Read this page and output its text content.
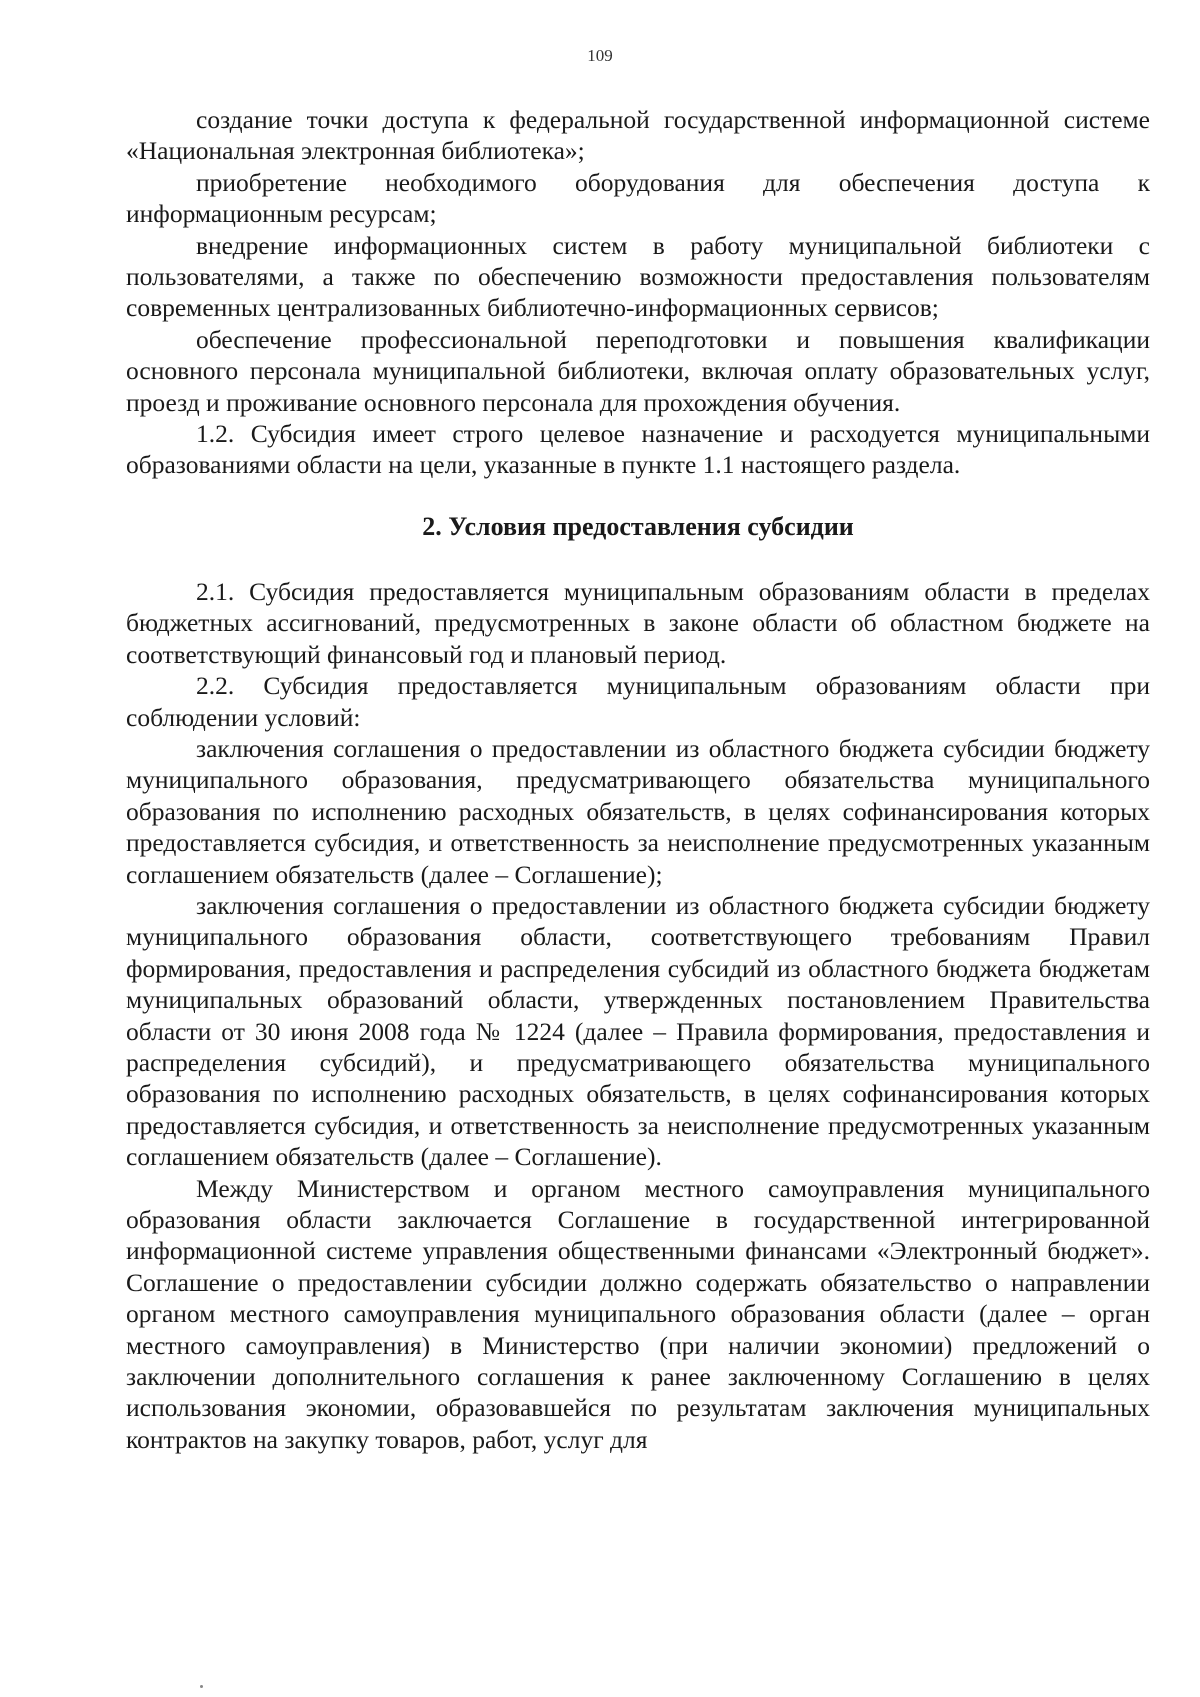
109

создание точки доступа к федеральной государственной информационной системе «Национальная электронная библиотека»;

приобретение необходимого оборудования для обеспечения доступа к информационным ресурсам;

внедрение информационных систем в работу муниципальной библиотеки с пользователями, а также по обеспечению возможности предоставления пользователям современных централизованных библиотечно-информационных сервисов;

обеспечение профессиональной переподготовки и повышения квалификации основного персонала муниципальной библиотеки, включая оплату образовательных услуг, проезд и проживание основного персонала для прохождения обучения.

1.2. Субсидия имеет строго целевое назначение и расходуется муниципальными образованиями области на цели, указанные в пункте 1.1 настоящего раздела.

2. Условия предоставления субсидии

2.1. Субсидия предоставляется муниципальным образованиям области в пределах бюджетных ассигнований, предусмотренных в законе области об областном бюджете на соответствующий финансовый год и плановый период.

2.2. Субсидия предоставляется муниципальным образованиям области при соблюдении условий:

заключения соглашения о предоставлении из областного бюджета субсидии бюджету муниципального образования, предусматривающего обязательства муниципального образования по исполнению расходных обязательств, в целях софинансирования которых предоставляется субсидия, и ответственность за неисполнение предусмотренных указанным соглашением обязательств (далее – Соглашение);

заключения соглашения о предоставлении из областного бюджета субсидии бюджету муниципального образования области, соответствующего требованиям Правил формирования, предоставления и распределения субсидий из областного бюджета бюджетам муниципальных образований области, утвержденных постановлением Правительства области от 30 июня 2008 года № 1224 (далее – Правила формирования, предоставления и распределения субсидий), и предусматривающего обязательства муниципального образования по исполнению расходных обязательств, в целях софинансирования которых предоставляется субсидия, и ответственность за неисполнение предусмотренных указанным соглашением обязательств (далее – Соглашение).

Между Министерством и органом местного самоуправления муниципального образования области заключается Соглашение в государственной интегрированной информационной системе управления общественными финансами «Электронный бюджет». Соглашение о предоставлении субсидии должно содержать обязательство о направлении органом местного самоуправления муниципального образования области (далее – орган местного самоуправления) в Министерство (при наличии экономии) предложений о заключении дополнительного соглашения к ранее заключенному Соглашению в целях использования экономии, образовавшейся по результатам заключения муниципальных контрактов на закупку товаров, работ, услуг для
